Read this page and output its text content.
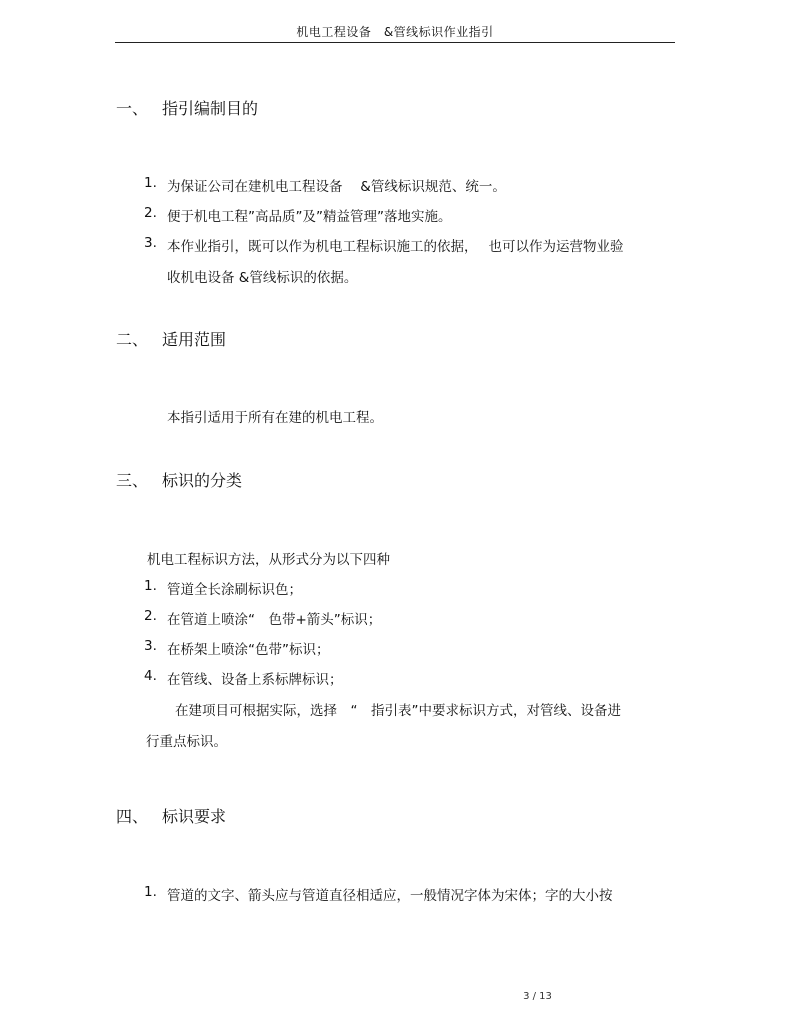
机电工程设备　&管线标识作业指引
一、 指引编制目的
1. 为保证公司在建机电工程设备　 &管线标识规范、统一。
2. 便于机电工程”高品质”及”精益管理”落地实施。
3. 本作业指引，既可以作为机电工程标识施工的依据，　 也可以作为运营物业验
收机电设备 &管线标识的依据。
二、 适用范围
本指引适用于所有在建的机电工程。
三、 标识的分类
机电工程标识方法，从形式分为以下四种
1. 管道全长涂刷标识色；
2. 在管道上喷涂“　色带+箭头”标识；
3. 在桥架上喷涂“色带”标识；
4. 在管线、设备上系标牌标识；
在建项目可根据实际，选择　“　指引表”中要求标识方式，对管线、设备进
行重点标识。
四、 标识要求
1. 管道的文字、箭头应与管道直径相适应，一般情况字体为宋体；字的大小按
3 / 13
